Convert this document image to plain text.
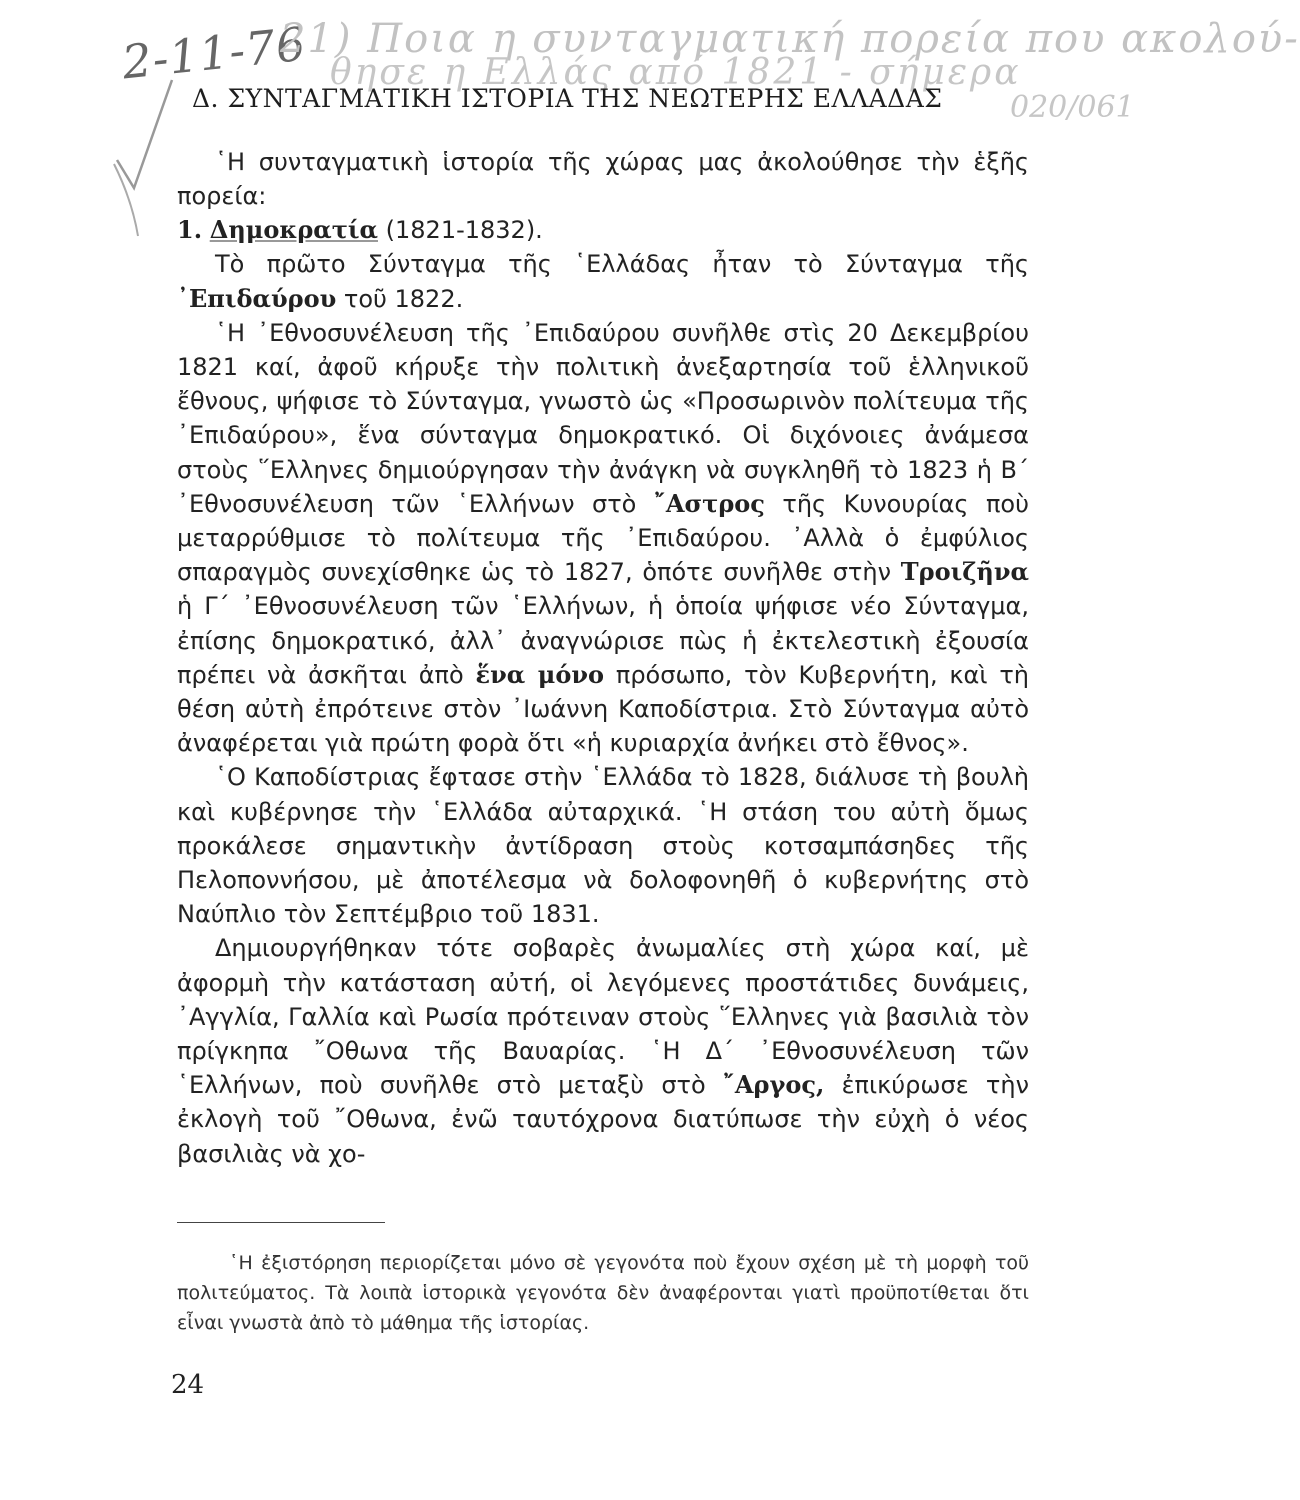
2-11-76
21) Ποια η συνταγματική πορεία που ακολού-
θησε η Ελλάς από 1821 - σήμερα
020/061
Δ. ΣΥΝΤΑΓΜΑΤΙΚΗ ΙΣΤΟΡΙΑ ΤΗΣ ΝΕΩΤΕΡΗΣ ΕΛΛΑΔΑΣ

῾Η συνταγματικὴ ἱστορία τῆς χώρας μας ἀκολούθησε τὴν ἑξῆς πορεία:

1. Δημοκρατία (1821-1832).

Τὸ πρῶτο Σύνταγμα τῆς ῾Ελλάδας ἦταν τὸ Σύνταγμα τῆς ᾿Επιδαύρου τοῦ 1822.

῾Η ᾿Εθνοσυνέλευση τῆς ᾿Επιδαύρου συνῆλθε στὶς 20 Δεκεμβρίου 1821 καί, ἀφοῦ κήρυξε τὴν πολιτικὴ ἀνεξαρτησία τοῦ ἑλληνικοῦ ἔθνους, ψήφισε τὸ Σύνταγμα, γνωστὸ ὡς «Προσωρινὸν πολίτευμα τῆς ᾿Επιδαύρου», ἕνα σύνταγμα δημοκρατικό. Οἱ διχόνοιες ἀνάμεσα στοὺς ῞Ελληνες δημιούργησαν τὴν ἀνάγκη νὰ συγκληθῆ τὸ 1823 ἡ Β΄ ᾿Εθνοσυνέλευση τῶν ῾Ελλήνων στὸ ῎Αστρος τῆς Κυνουρίας ποὺ μεταρρύθμισε τὸ πολίτευμα τῆς ᾿Επιδαύρου. ᾿Αλλὰ ὁ ἐμφύλιος σπαραγμὸς συνεχίσθηκε ὡς τὸ 1827, ὁπότε συνῆλθε στὴν Τροιζῆνα ἡ Γ΄ ᾿Εθνοσυνέλευση τῶν ῾Ελλήνων, ἡ ὁποία ψήφισε νέο Σύνταγμα, ἐπίσης δημοκρατικό, ἀλλ᾿ ἀναγνώρισε πὼς ἡ ἐκτελεστικὴ ἐξουσία πρέπει νὰ ἀσκῆται ἀπὸ ἕνα μόνο πρόσωπο, τὸν Κυβερνήτη, καὶ τὴ θέση αὐτὴ ἐπρότεινε στὸν ᾿Ιωάννη Καποδίστρια. Στὸ Σύνταγμα αὐτὸ ἀναφέρεται γιὰ πρώτη φορὰ ὅτι «ἡ κυριαρχία ἀνήκει στὸ ἔθνος».

῾Ο Καποδίστριας ἔφτασε στὴν ῾Ελλάδα τὸ 1828, διάλυσε τὴ βουλὴ καὶ κυβέρνησε τὴν ῾Ελλάδα αὐταρχικά. ῾Η στάση του αὐτὴ ὅμως προκάλεσε σημαντικὴν ἀντίδραση στοὺς κοτσαμπάσηδες τῆς Πελοποννήσου, μὲ ἀποτέλεσμα νὰ δολοφονηθῆ ὁ κυβερνήτης στὸ Ναύπλιο τὸν Σεπτέμβριο τοῦ 1831.

Δημιουργήθηκαν τότε σοβαρὲς ἀνωμαλίες στὴ χώρα καί, μὲ ἀφορμὴ τὴν κατάσταση αὐτή, οἱ λεγόμενες προστάτιδες δυνάμεις, ᾿Αγγλία, Γαλλία καὶ Ρωσία πρότειναν στοὺς ῞Ελληνες γιὰ βασιλιὰ τὸν πρίγκηπα ῎Οθωνα τῆς Βαυαρίας. ῾Η Δ΄ ᾿Εθνοσυνέλευση τῶν ῾Ελλήνων, ποὺ συνῆλθε στὸ μεταξὺ στὸ ῎Αργος, ἐπικύρωσε τὴν ἐκλογὴ τοῦ ῎Οθωνα, ἐνῶ ταυτόχρονα διατύπωσε τὴν εὐχὴ ὁ νέος βασιλιὰς νὰ χο-

῾Η ἐξιστόρηση περιορίζεται μόνο σὲ γεγονότα ποὺ ἔχουν σχέση μὲ τὴ μορφὴ τοῦ πολιτεύματος. Τὰ λοιπὰ ἱστορικὰ γεγονότα δὲν ἀναφέρονται γιατὶ προϋποτίθεται ὅτι εἶναι γνωστὰ ἀπὸ τὸ μάθημα τῆς ἱστορίας.

24
